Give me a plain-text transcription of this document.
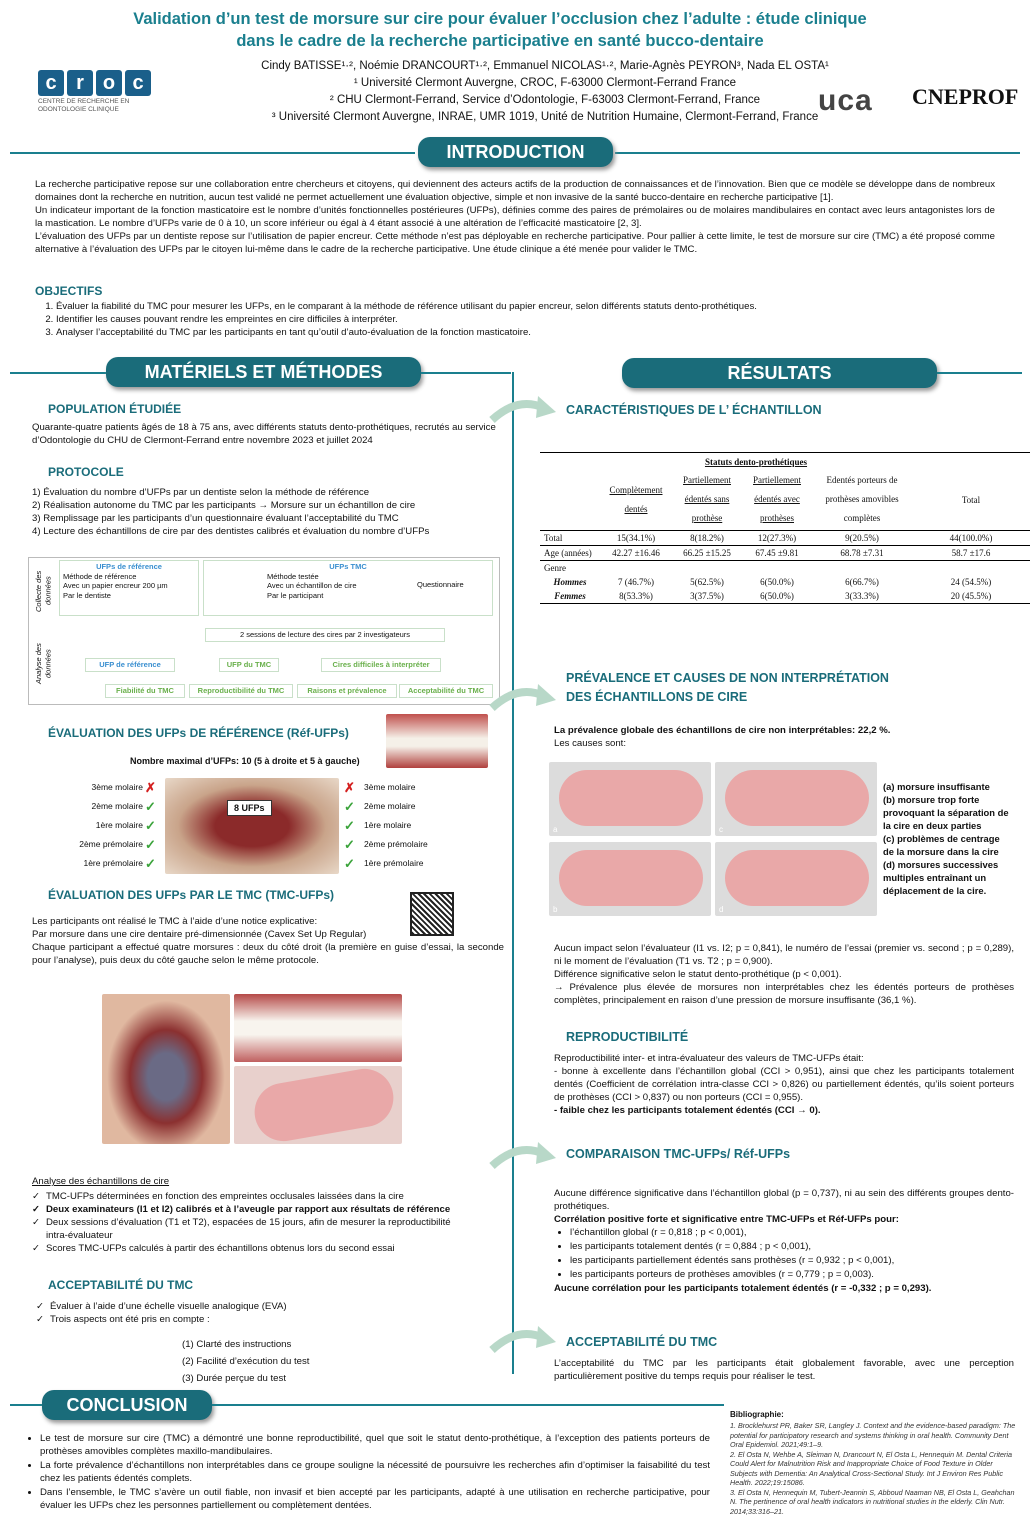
Validation d’un test de morsure sur cire pour évaluer l’occlusion chez l’adulte : étude clinique
dans le cadre de la recherche participative en santé bucco-dentaire
Cindy BATISSE¹·², Noémie DRANCOURT¹·², Emmanuel NICOLAS¹·², Marie-Agnès PEYRON³, Nada EL OSTA¹
¹ Université Clermont Auvergne, CROC, F-63000 Clermont-Ferrand France
² CHU Clermont-Ferrand, Service d’Odontologie, F-63003 Clermont-Ferrand, France
³ Université Clermont Auvergne, INRAE, UMR 1019, Unité de Nutrition Humaine, Clermont-Ferrand, France
c r o c
CENTRE DE RECHERCHE EN ODONTOLOGIE CLINIQUE	uca CNEPROF
INTRODUCTION

La recherche participative repose sur une collaboration entre chercheurs et citoyens, qui deviennent des acteurs actifs de la production de connaissances et de l’innovation. Bien que ce modèle se développe dans de nombreux domaines dont la recherche en nutrition, aucun test validé ne permet actuellement une évaluation objective, simple et non invasive de la santé bucco-dentaire en recherche participative [1].

Un indicateur important de la fonction masticatoire est le nombre d’unités fonctionnelles postérieures (UFPs), définies comme des paires de prémolaires ou de molaires mandibulaires en contact avec leurs antagonistes lors de la mastication. Le nombre d’UFPs varie de 0 à 10, un score inférieur ou égal à 4 étant associé à une altération de l’efficacité masticatoire [2, 3].

L’évaluation des UFPs par un dentiste repose sur l’utilisation de papier encreur. Cette méthode n’est pas déployable en recherche participative. Pour pallier à cette limite, le test de morsure sur cire (TMC) a été proposé comme alternative à l’évaluation des UFPs par le citoyen lui-même dans le cadre de la recherche participative. Une étude clinique a été menée pour valider le TMC.

OBJECTIFS
1. Évaluer la fiabilité du TMC pour mesurer les UFPs, en le comparant à la méthode de référence utilisant du papier encreur, selon différents statuts dento-prothétiques.
2. Identifier les causes pouvant rendre les empreintes en cire difficiles à interpréter.
3. Analyser l’acceptabilité du TMC par les participants en tant qu’outil d’auto-évaluation de la fonction masticatoire.
MATÉRIELS ET MÉTHODES	RÉSULTATS
POPULATION ÉTUDIÉE
Quarante-quatre patients âgés de 18 à 75 ans, avec différents statuts dento-prothétiques, recrutés au service d’Odontologie du CHU de Clermont-Ferrand entre novembre 2023 et juillet 2024
PROTOCOLE
1) Évaluation du nombre d’UFPs par un dentiste selon la méthode de référence
2) Réalisation autonome du TMC par les participants → Morsure sur un échantillon de cire
3) Remplissage par les participants d’un questionnaire évaluant l’acceptabilité du TMC
4) Lecture des échantillons de cire par des dentistes calibrés et évaluation du nombre d’UFPs
Collecte des données
Analyse des données
UFPs de référence
Méthode de référence
Avec un papier encreur 200 µm
Par le dentiste
UFPs TMC
Méthode testée
Avec un échantillon de cire
Par le participant
Questionnaire
2 sessions de lecture des cires par 2 investigateurs
UFP de référence	UFP du TMC	Cires difficiles à interpréter
Fiabilité du TMC	Reproductibilité du TMC	Raisons et prévalence	Acceptabilité du TMC
ÉVALUATION DES UFPs DE RÉFÉRENCE (Réf-UFPs)
Nombre maximal d’UFPs: 10 (5 à droite et 5 à gauche)
8 UFPs
3ème molaire
2ème molaire
1ère molaire
2ème prémolaire
1ère prémolaire
✗
✓
✓
✓
✓
✗
✓
✓
✓
✓
3ème molaire
2ème molaire
1ère molaire
2ème prémolaire
1ère prémolaire
ÉVALUATION DES UFPs PAR LE TMC (TMC-UFPs)

Les participants ont réalisé le TMC à l’aide d’une notice explicative:

Par morsure dans une cire dentaire pré-dimensionnée (Cavex Set Up Regular)

Chaque participant a effectué quatre morsures : deux du côté droit (la première en guise d’essai, la seconde pour l’analyse), puis deux du côté gauche selon le même protocole.

Analyse des échantillons de cire
✓ TMC-UFPs déterminées en fonction des empreintes occlusales laissées dans la cire
✓ Deux examinateurs (I1 et I2) calibrés et à l’aveugle par rapport aux résultats de référence
✓ Deux sessions d’évaluation (T1 et T2), espacées de 15 jours, afin de mesurer la reproductibilité intra-évaluateur
✓ Scores TMC-UFPs calculés à partir des échantillons obtenus lors du second essai
ACCEPTABILITÉ DU TMC
✓ Évaluer à l’aide d’une échelle visuelle analogique (EVA)
✓ Trois aspects ont été pris en compte :
(1) Clarté des instructions
(2) Facilité d’exécution du test
(3) Durée perçue du test
CARACTÉRISTIQUES DE L’ ÉCHANTILLON
	Statuts dento-prothétiques				
	Complètement dentés	Partiellement édentés sans prothèse	Partiellement édentés avec prothèses	Edentés porteurs de prothèses amovibles complètes	Total
Total	15(34.1%)	8(18.2%)	12(27.3%)	9(20.5%)	44(100.0%)
Age (années)	42.27 ±16.46	66.25 ±15.25	67.45 ±9.81	68.78 ±7.31	58.7 ±17.6
Genre					
Hommes	7 (46.7%)	5(62.5%)	6(50.0%)	6(66.7%)	24 (54.5%)
Femmes	8(53.3%)	3(37.5%)	6(50.0%)	3(33.3%)	20 (45.5%)
PRÉVALENCE ET CAUSES DE NON INTERPRÉTATION
DES ÉCHANTILLONS DE CIRE

La prévalence globale des échantillons de cire non interprétables: 22,2 %.

Les causes sont:

a	c
b	d
(a) morsure insuffisante
(b) morsure trop forte provoquant la séparation de la cire en deux parties
(c) problèmes de centrage de la morsure dans la cire
(d) morsures successives multiples entraînant un déplacement de la cire.

Aucun impact selon l’évaluateur (I1 vs. I2; p = 0,841), le numéro de l’essai (premier vs. second ; p = 0,289), ni le moment de l’évaluation (T1 vs. T2 ; p = 0,900).

Différence significative selon le statut dento-prothétique (p < 0,001).

→ Prévalence plus élevée de morsures non interprétables chez les édentés porteurs de prothèses complètes, principalement en raison d’une pression de morsure insuffisante (36,1 %).

REPRODUCTIBILITÉ

Reproductibilité inter- et intra-évaluateur des valeurs de TMC-UFPs était:

- bonne à excellente dans l’échantillon global (CCI > 0,951), ainsi que chez les participants totalement dentés (Coefficient de corrélation intra-classe CCI > 0,826) ou partiellement édentés, qu’ils soient porteurs de prothèses (CCI > 0,837) ou non porteurs (CCI = 0,955).

- faible chez les participants totalement édentés (CCI → 0).

COMPARAISON TMC-UFPs/ Réf-UFPs

Aucune différence significative dans l’échantillon global (p = 0,737), ni au sein des différents groupes dento-prothétiques.

Corrélation positive forte et significative entre TMC-UFPs et Réf-UFPs pour:

• l’échantillon global (r = 0,818 ; p < 0,001),
• les participants totalement dentés (r = 0,884 ; p < 0,001),
• les participants partiellement édentés sans prothèses (r = 0,932 ; p < 0,001),
• les participants porteurs de prothèses amovibles (r = 0,779 ; p = 0,003).

Aucune corrélation pour les participants totalement édentés (r = -0,332 ; p = 0,293).

ACCEPTABILITÉ DU TMC
L’acceptabilité du TMC par les participants était globalement favorable, avec une perception particulièrement positive du temps requis pour réaliser le test.
CONCLUSION
• Le test de morsure sur cire (TMC) a démontré une bonne reproductibilité, quel que soit le statut dento-prothétique, à l’exception des patients porteurs de prothèses amovibles complètes maxillo-mandibulaires.
• La forte prévalence d’échantillons non interprétables dans ce groupe souligne la nécessité de poursuivre les recherches afin d’optimiser la faisabilité du test chez les patients édentés complets.
• Dans l’ensemble, le TMC s’avère un outil fiable, non invasif et bien accepté par les participants, adapté à une utilisation en recherche participative, pour évaluer les UFPs chez les personnes partiellement ou complètement dentées.
Bibliographie:
1. Brocklehurst PR, Baker SR, Langley J. Context and the evidence-based paradigm: The potential for participatory research and systems thinking in oral health. Community Dent Oral Epidemiol. 2021;49:1–9.
2. El Osta N, Wehbe A, Sleiman N, Drancourt N, El Osta L, Hennequin M. Dental Criteria Could Alert for Malnutrition Risk and Inappropriate Choice of Food Texture in Older Subjects with Dementia: An Analytical Cross-Sectional Study. Int J Environ Res Public Health. 2022;19:15086.
3. El Osta N, Hennequin M, Tubert-Jeannin S, Abboud Naaman NB, El Osta L, Geahchan N. The pertinence of oral health indicators in nutritional studies in the elderly. Clin Nutr. 2014;33:316–21.
